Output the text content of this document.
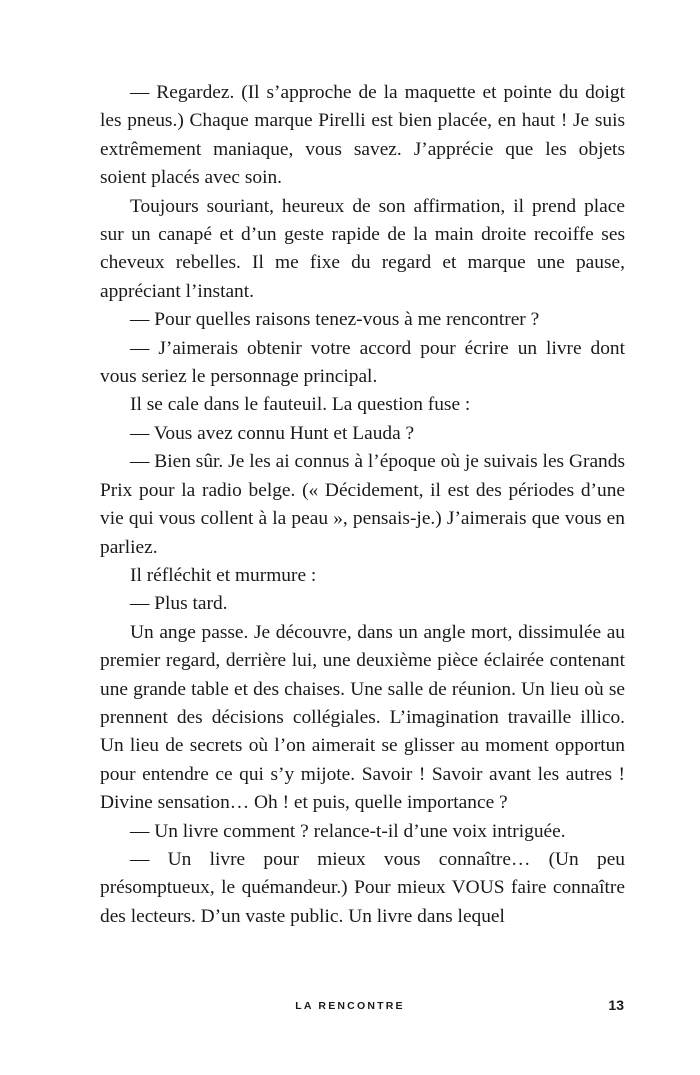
— Regardez. (Il s’approche de la maquette et pointe du doigt les pneus.) Chaque marque Pirelli est bien placée, en haut ! Je suis extrêmement maniaque, vous savez. J’apprécie que les objets soient placés avec soin.

Toujours souriant, heureux de son affirmation, il prend place sur un canapé et d’un geste rapide de la main droite recoiffe ses cheveux rebelles. Il me fixe du regard et marque une pause, appréciant l’instant.

— Pour quelles raisons tenez-vous à me rencontrer ?

— J’aimerais obtenir votre accord pour écrire un livre dont vous seriez le personnage principal.

Il se cale dans le fauteuil. La question fuse :

— Vous avez connu Hunt et Lauda ?

— Bien sûr. Je les ai connus à l’époque où je suivais les Grands Prix pour la radio belge. (« Décidement, il est des périodes d’une vie qui vous collent à la peau », pensais-je.) J’aimerais que vous en parliez.

Il réfléchit et murmure :

— Plus tard.

Un ange passe. Je découvre, dans un angle mort, dissimulée au premier regard, derrière lui, une deuxième pièce éclairée contenant une grande table et des chaises. Une salle de réunion. Un lieu où se prennent des décisions collégiales. L’imagination travaille illico. Un lieu de secrets où l’on aimerait se glisser au moment opportun pour entendre ce qui s’y mijote. Savoir ! Savoir avant les autres ! Divine sensation… Oh ! et puis, quelle importance ?

— Un livre comment ? relance-t-il d’une voix intriguée.

— Un livre pour mieux vous connaître… (Un peu présomptueux, le quémandeur.) Pour mieux VOUS faire connaître des lecteurs. D’un vaste public. Un livre dans lequel

LA RENCONTRE	13
